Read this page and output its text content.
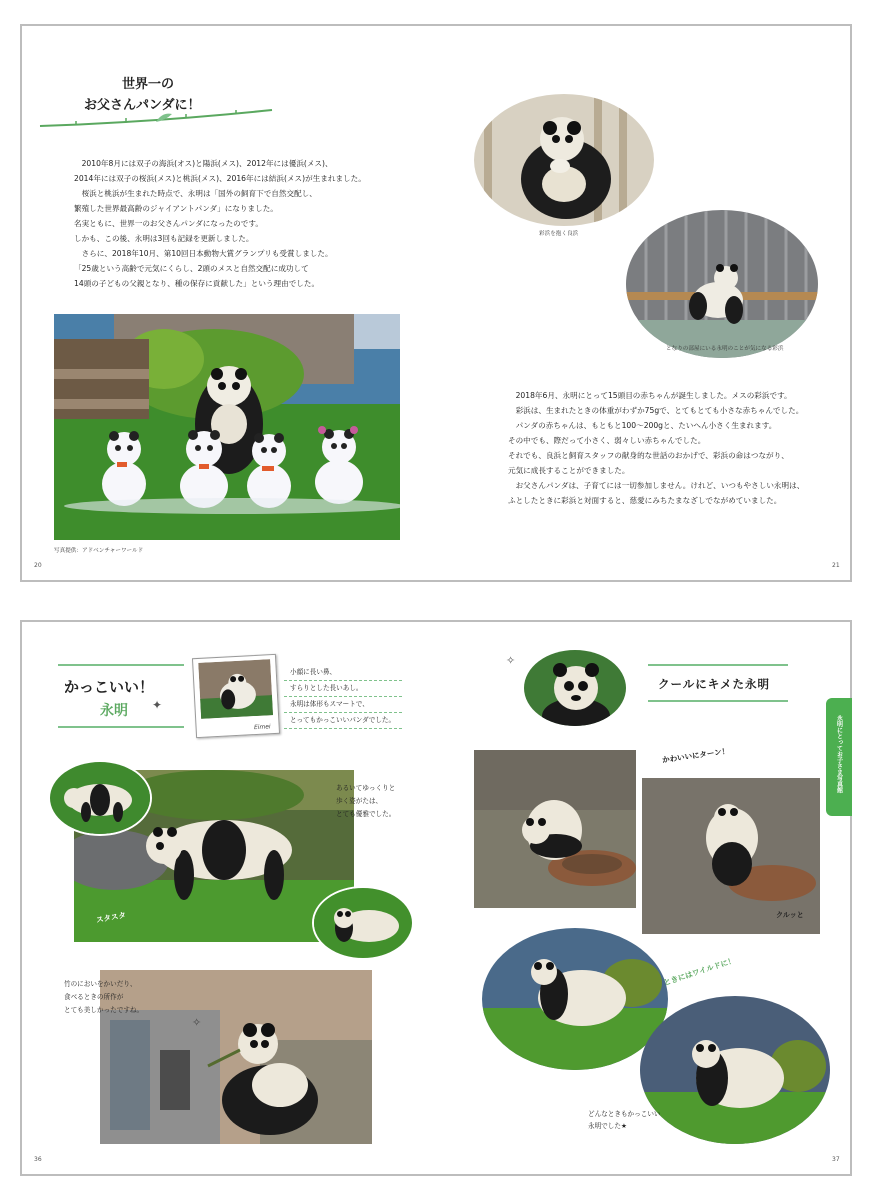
世界一の
お父さんパンダに！
　2010年8月には双子の海浜(オス)と陽浜(メス)、2012年には優浜(メス)、
2014年には双子の桜浜(メス)と桃浜(メス)、2016年には結浜(メス)が生まれました。
　桜浜と桃浜が生まれた時点で、永明は「国外の飼育下で自然交配し、
繁殖した世界最高齢のジャイアントパンダ」になりました。
名実ともに、世界一のお父さんパンダになったのです。
しかも、この後、永明は3回も記録を更新しました。
　さらに、2018年10月、第10回日本動物大賞グランプリも受賞しました。
「25歳という高齢で元気にくらし、2頭のメスと自然交配に成功して
14頭の子どもの父親となり、種の保存に貢献した」という理由でした。
写真提供：アドベンチャーワールド
20
彩浜を抱く良浜
となりの部屋にいる永明のことが気になる彩浜
　2018年6月、永明にとって15頭目の赤ちゃんが誕生しました。メスの彩浜です。
　彩浜は、生まれたときの体重がわずか75gで、とてもとても小さな赤ちゃんでした。
　パンダの赤ちゃんは、もともと100〜200gと、たいへん小さく生まれます。
その中でも、際だって小さく、弱々しい赤ちゃんでした。
それでも、良浜と飼育スタッフの献身的な世話のおかげで、彩浜の命はつながり、
元気に成長することができました。
　お父さんパンダは、子育てには一切参加しません。けれど、いつもやさしい永明は、
ふとしたときに彩浜と対面すると、慈愛にみちたまなざしでながめていました。
21
かっこいい！
永明 ✦
Eimei
小顔に長い鼻、
すらりとした長いあし。
永明は体形もスマートで、
とってもかっこいいパンダでした。
あるいてゆっくりと
歩く姿がたは、
とても優雅でした。
スタスタ
竹のにおいをかいだり、
食べるときの所作が
とても美しかったですね。
✧
36
✧
クールにキメた永明
かわいいにターン！
クルッと
ときにはワイルドに！
どんなときもかっこいい
永明でした★
37
永明にとってお子さま写真館
